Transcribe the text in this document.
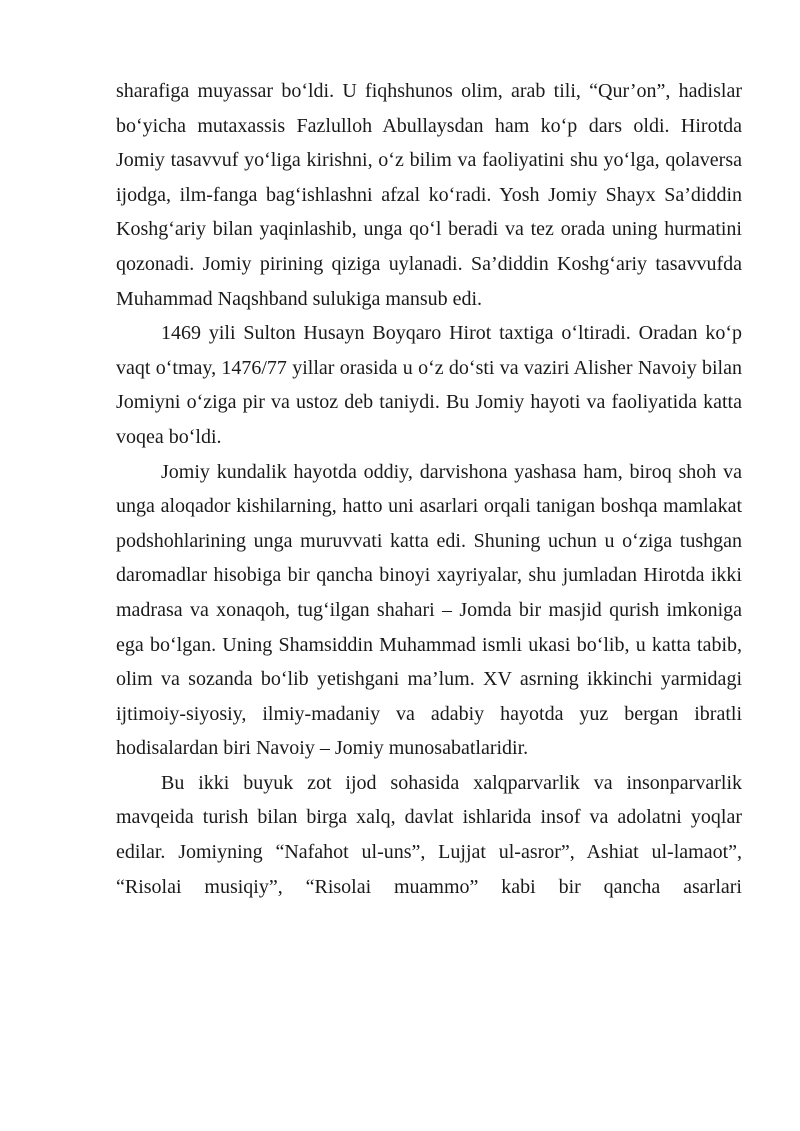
sharafiga muyassar boʻldi. U fiqhshunos olim, arab tili, “Qur’on”, hadislar boʻyicha mutaxassis Fazlulloh Abullaysdan ham koʻp dars oldi. Hirotda Jomiy tasavvuf yoʻliga kirishni, oʻz bilim va faoliyatini shu yoʻlga, qolaversa ijodga, ilm-fanga bagʻishlashni afzal koʻradi. Yosh Jomiy Shayx Sa’diddin Koshgʻariy bilan yaqinlashib, unga qoʻl beradi va tez orada uning hurmatini qozonadi. Jomiy pirining qiziga uylanadi. Sa’diddin Koshgʻariy tasavvufda Muhammad Naqshband sulukiga mansub edi.

1469 yili Sulton Husayn Boyqaro Hirot taxtiga oʻltiradi. Oradan koʻp vaqt oʻtmay, 1476/77 yillar orasida u oʻz doʻsti va vaziri Alisher Navoiy bilan Jomiyni oʻziga pir va ustoz deb taniydi. Bu Jomiy hayoti va faoliyatida katta voqea boʻldi.

Jomiy kundalik hayotda oddiy, darvishona yashasa ham, biroq shoh va unga aloqador kishilarning, hatto uni asarlari orqali tanigan boshqa mamlakat podshohlarining unga muruvvati katta edi. Shuning uchun u oʻziga tushgan daromadlar hisobiga bir qancha binoyi xayriyalar, shu jumladan Hirotda ikki madrasa va xonaqoh, tugʻilgan shahari – Jomda bir masjid qurish imkoniga ega boʻlgan. Uning Shamsiddin Muhammad ismli ukasi boʻlib, u katta tabib, olim va sozanda boʻlib yetishgani ma’lum. XV asrning ikkinchi yarmidagi ijtimoiy-siyosiy, ilmiy-madaniy va adabiy hayotda yuz bergan ibratli hodisalardan biri Navoiy – Jomiy munosabatlaridir.

Bu ikki buyuk zot ijod sohasida xalqparvarlik va insonparvarlik mavqeida turish bilan birga xalq, davlat ishlarida insof va adolatni yoqlar edilar. Jomiyning “Nafahot ul-uns”, Lujjat ul-asror”, Ashiat ul-lamaot”, “Risolai musiqiy”, “Risolai muammo” kabi bir qancha asarlari
